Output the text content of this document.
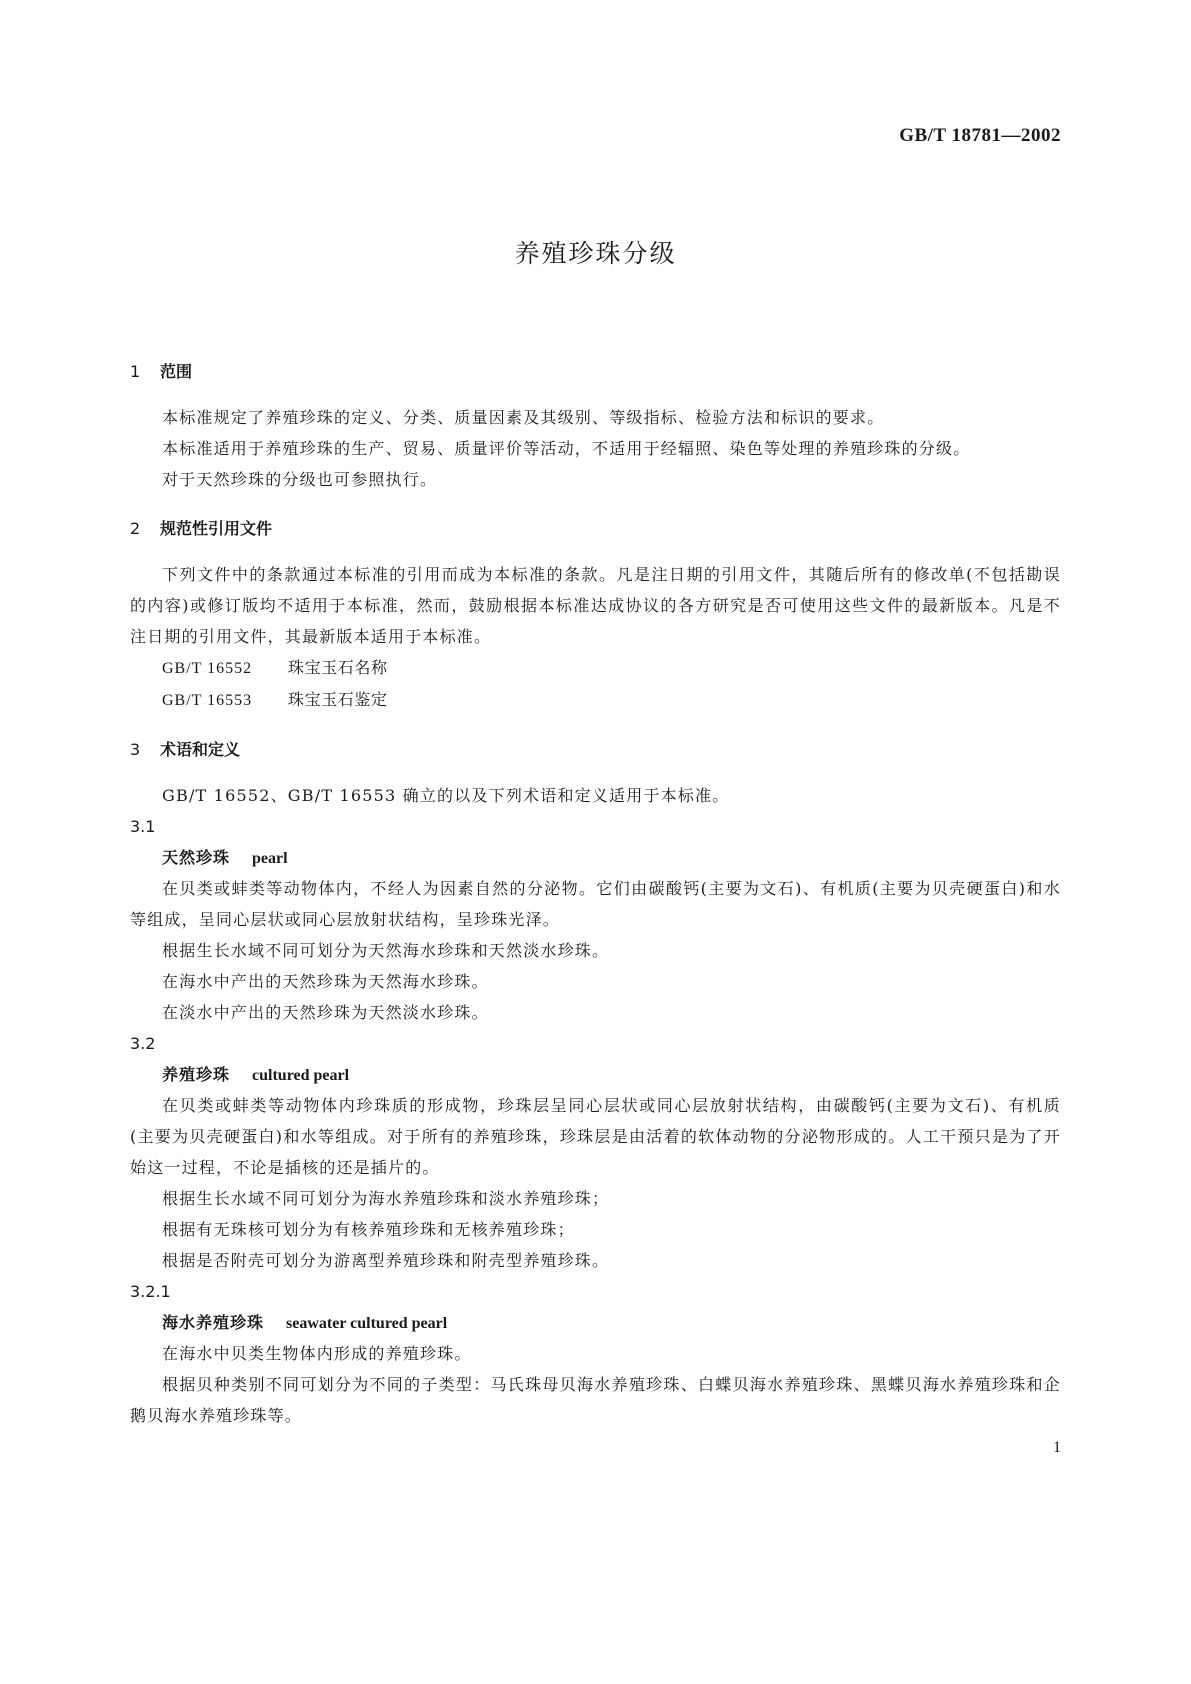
GB/T 18781—2002
养殖珍珠分级
1 范围

本标准规定了养殖珍珠的定义、分类、质量因素及其级别、等级指标、检验方法和标识的要求。

本标准适用于养殖珍珠的生产、贸易、质量评价等活动，不适用于经辐照、染色等处理的养殖珍珠的分级。

对于天然珍珠的分级也可参照执行。

2 规范性引用文件

下列文件中的条款通过本标准的引用而成为本标准的条款。凡是注日期的引用文件，其随后所有的修改单(不包括勘误的内容)或修订版均不适用于本标准，然而，鼓励根据本标准达成协议的各方研究是否可使用这些文件的最新版本。凡是不注日期的引用文件，其最新版本适用于本标准。

GB/T 16552 珠宝玉石名称

GB/T 16553 珠宝玉石鉴定

3 术语和定义

GB/T 16552、GB/T 16553 确立的以及下列术语和定义适用于本标准。

3.1

天然珍珠 pearl

在贝类或蚌类等动物体内，不经人为因素自然的分泌物。它们由碳酸钙(主要为文石)、有机质(主要为贝壳硬蛋白)和水等组成，呈同心层状或同心层放射状结构，呈珍珠光泽。

根据生长水域不同可划分为天然海水珍珠和天然淡水珍珠。

在海水中产出的天然珍珠为天然海水珍珠。

在淡水中产出的天然珍珠为天然淡水珍珠。

3.2

养殖珍珠 cultured pearl

在贝类或蚌类等动物体内珍珠质的形成物，珍珠层呈同心层状或同心层放射状结构，由碳酸钙(主要为文石)、有机质(主要为贝壳硬蛋白)和水等组成。对于所有的养殖珍珠，珍珠层是由活着的软体动物的分泌物形成的。人工干预只是为了开始这一过程，不论是插核的还是插片的。

根据生长水域不同可划分为海水养殖珍珠和淡水养殖珍珠；

根据有无珠核可划分为有核养殖珍珠和无核养殖珍珠；

根据是否附壳可划分为游离型养殖珍珠和附壳型养殖珍珠。

3.2.1

海水养殖珍珠 seawater cultured pearl

在海水中贝类生物体内形成的养殖珍珠。

根据贝种类别不同可划分为不同的子类型：马氏珠母贝海水养殖珍珠、白蝶贝海水养殖珍珠、黑蝶贝海水养殖珍珠和企鹅贝海水养殖珍珠等。

1
